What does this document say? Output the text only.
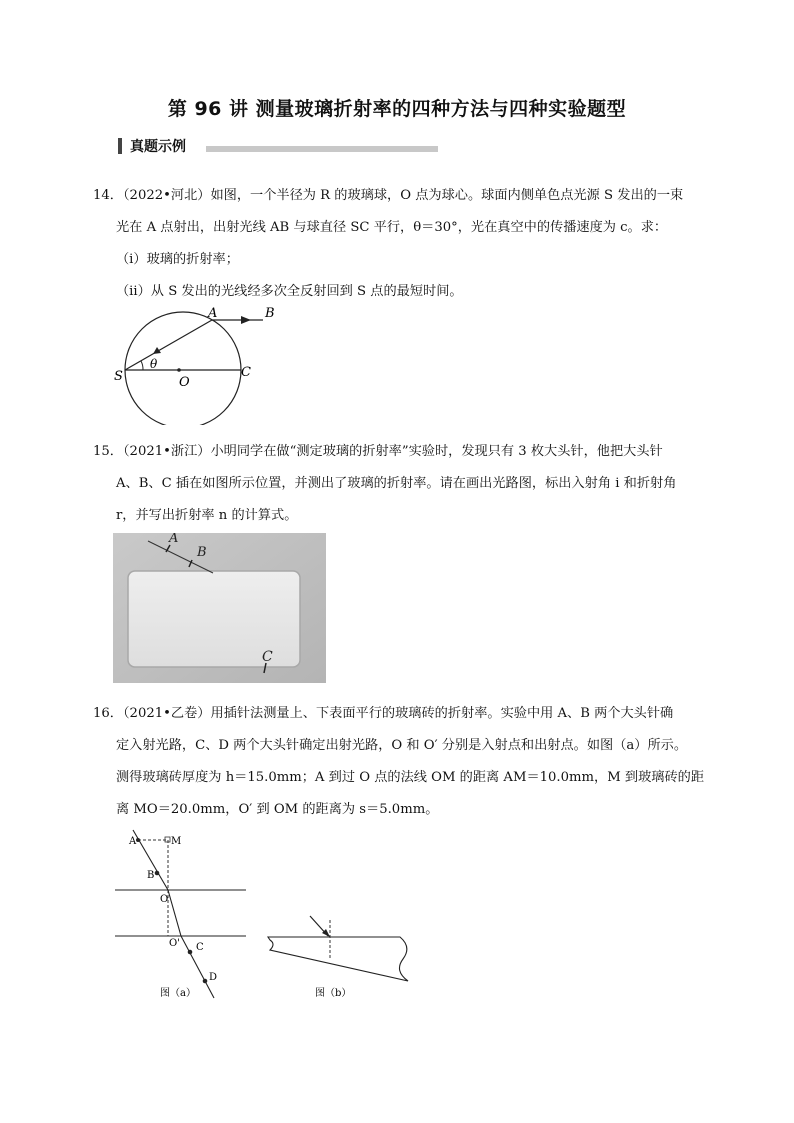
第 96 讲 测量玻璃折射率的四种方法与四种实验题型
真题示例
14．（2022•河北）如图，一个半径为 R 的玻璃球，O 点为球心。球面内侧单色点光源 S 发出的一束
光在 A 点射出，出射光线 AB 与球直径 SC 平行，θ＝30°，光在真空中的传播速度为 c。求：
（ⅰ）玻璃的折射率；
（ⅱ）从 S 发出的光线经多次全反射回到 S 点的最短时间。
A	B
S	C
O
θ
15．（2021•浙江）小明同学在做“测定玻璃的折射率”实验时，发现只有 3 枚大头针，他把大头针
A、B、C 插在如图所示位置，并测出了玻璃的折射率。请在画出光路图，标出入射角 i 和折射角
r，并写出折射率 n 的计算式。
A
B
C
16．（2021•乙卷）用插针法测量上、下表面平行的玻璃砖的折射率。实验中用 A、B 两个大头针确
定入射光路，C、D 两个大头针确定出射光路，O 和 O′ 分别是入射点和出射点。如图（a）所示。
测得玻璃砖厚度为 h＝15.0mm；A 到过 O 点的法线 OM 的距离 AM＝10.0mm，M 到玻璃砖的距
离 MO＝20.0mm，O′ 到 OM 的距离为 s＝5.0mm。
A	M
B
O
O' C
D
图（a）	图（b）
